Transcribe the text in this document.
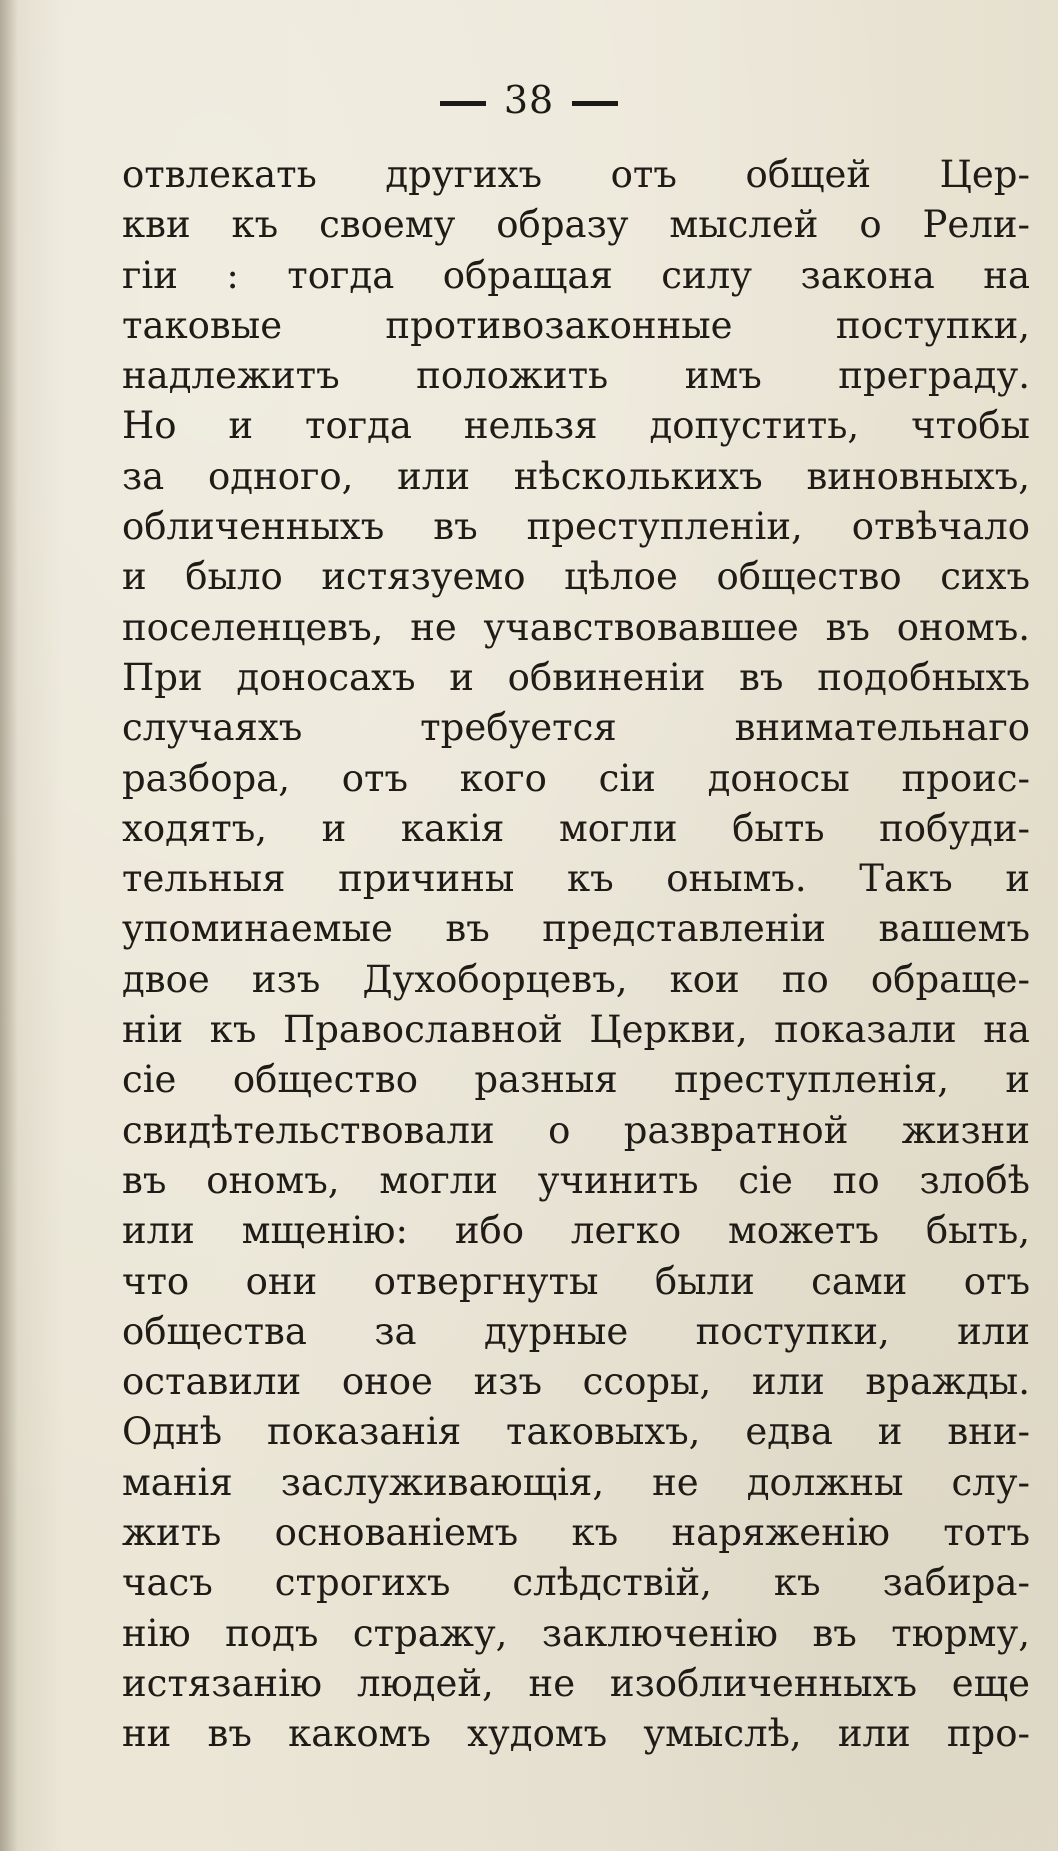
38
отвлекать другихъ отъ общей Цер-
кви къ своему образу мыслей о Рели-
гіи : тогда обращая силу закона на
таковые противозаконные поступки,
надлежитъ положить имъ преграду.
Но и тогда нельзя допустить, чтобы
за одного, или нѣсколькихъ виновныхъ,
обличенныхъ въ преступленіи, отвѣчало
и было истязуемо цѣлое общество сихъ
поселенцевъ, не учавствовавшее въ ономъ.
При доносахъ и обвиненіи въ подобныхъ
случаяхъ требуется внимательнаго
разбора, отъ кого сіи доносы проис-
ходятъ, и какія могли быть побуди-
тельныя причины къ онымъ. Такъ и
упоминаемые въ представленіи вашемъ
двое изъ Духоборцевъ, кои по обраще-
ніи къ Православной Церкви, показали на
сіе общество разныя преступленія, и
свидѣтельствовали о развратной жизни
въ ономъ, могли учинить сіе по злобѣ
или мщенію: ибо легко можетъ быть,
что они отвергнуты были сами отъ
общества за дурные поступки, или
оставили оное изъ ссоры, или вражды.
Однѣ показанія таковыхъ, едва и вни-
манія заслуживающія, не должны слу-
жить основаніемъ къ наряженію тотъ
часъ строгихъ слѣдствій, къ забира-
нію подъ стражу, заключенію въ тюрму,
истязанію людей, не изобличенныхъ еще
ни въ какомъ худомъ умыслѣ, или про-
